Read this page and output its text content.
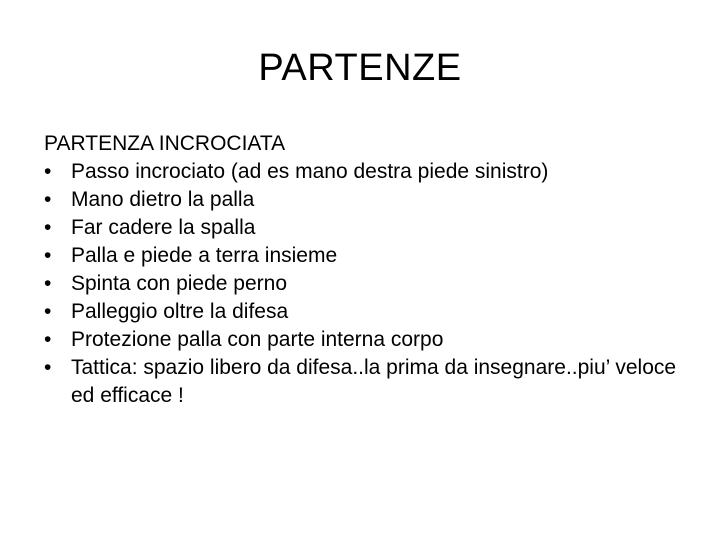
PARTENZE
PARTENZA INCROCIATA
• Passo incrociato (ad es mano destra piede sinistro)
• Mano dietro la palla
• Far cadere la spalla
• Palla e piede a terra insieme
• Spinta con piede perno
• Palleggio oltre la difesa
• Protezione palla con parte interna corpo
• Tattica: spazio libero da difesa..la prima da insegnare..piu’ veloce ed efficace !
